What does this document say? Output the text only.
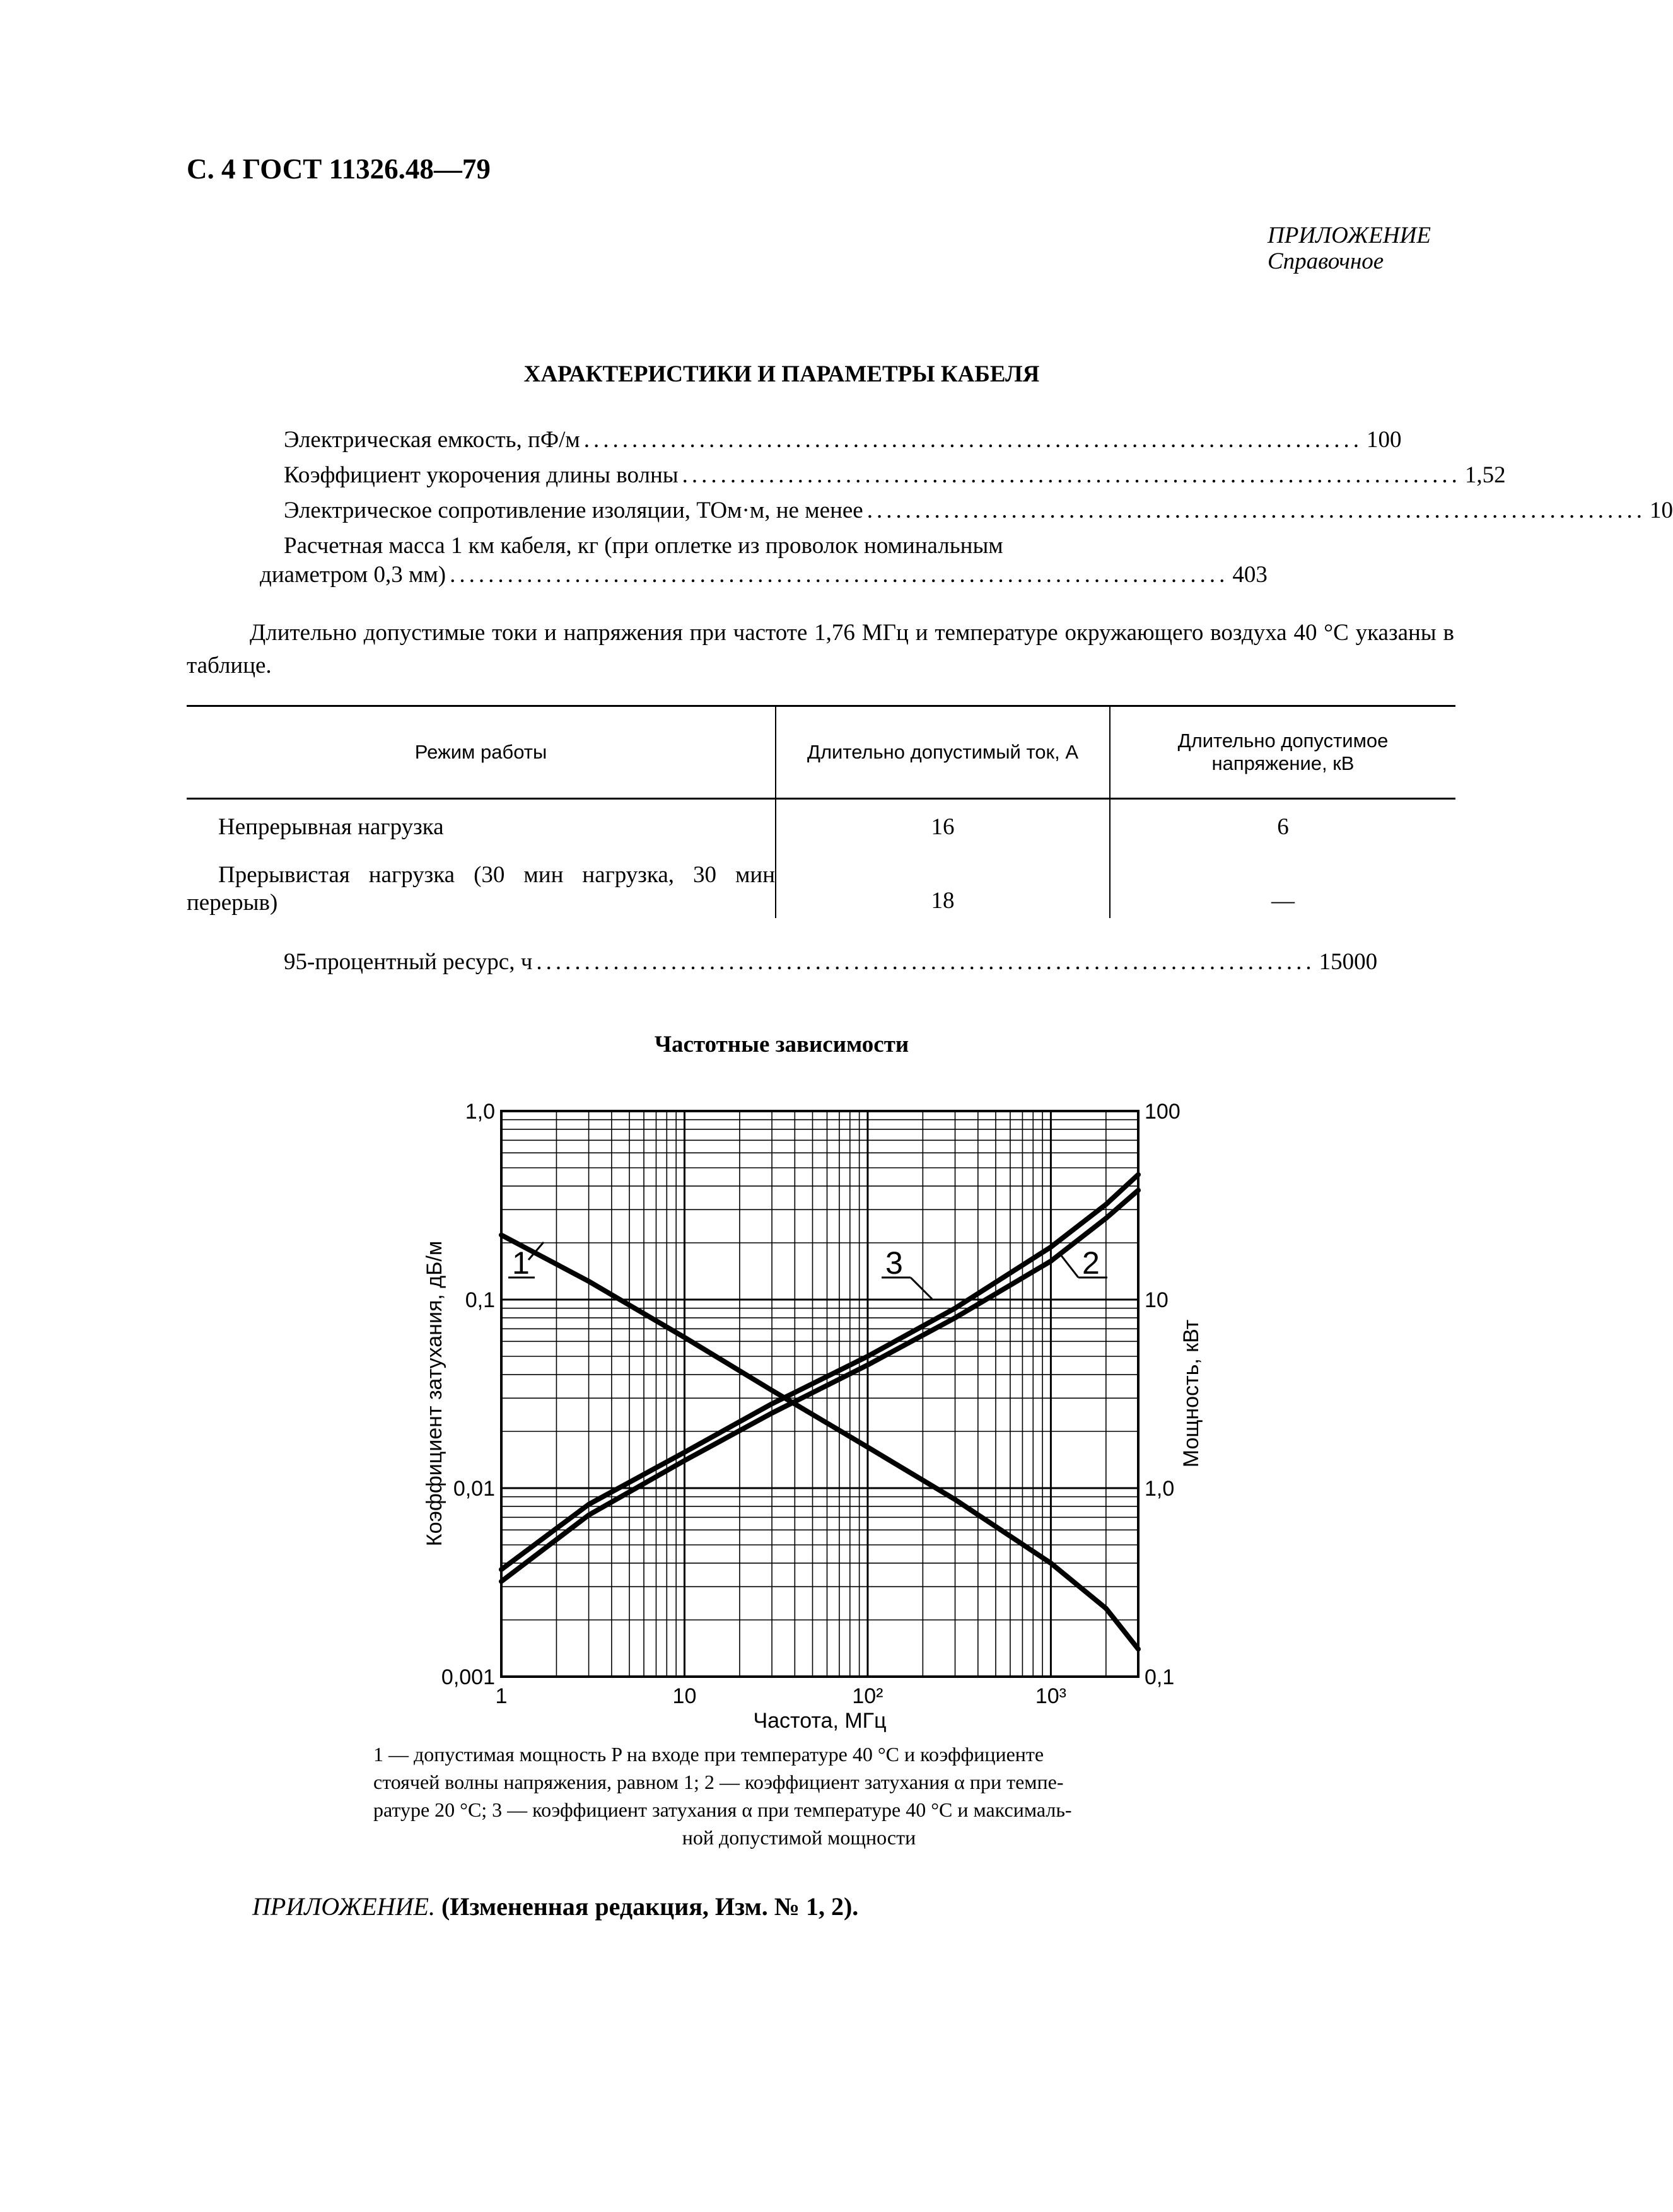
С. 4 ГОСТ 11326.48—79
ПРИЛОЖЕНИЕ
Справочное
ХАРАКТЕРИСТИКИ И ПАРАМЕТРЫ КАБЕЛЯ
Электрическая емкость, пФ/м ................................................................................. 100
Коэффициент укорочения длины волны ................................................................................. 1,52
Электрическое сопротивление изоляции, ТОм·м, не менее ................................................................................. 10
Расчетная масса 1 км кабеля, кг (при оплетке из проволок номинальным
диаметром 0,3 мм) ................................................................................. 403
Длительно допустимые токи и напряжения при частоте 1,76 МГц и температуре окружающего воздуха 40 °С указаны в таблице.
Режим работы	Длительно допустимый ток, А	Длительно допустимое напряжение, кВ
Непрерывная нагрузка	16	6
Прерывистая нагрузка (30 мин нагрузка, 30 мин перерыв)	18	—
95-процентный ресурс, ч ................................................................................. 15000
Частотные зависимости
1	10	10²	10³
0,001
0,01
0,1
1,0
0,1
1,0
10
100
1	3	2
Частота, МГц
Коэффициент затухания, дБ/м	Мощность, кВт
1 — допустимая мощность P на входе при температуре 40 °С и коэффициенте
стоячей волны напряжения, равном 1; 2 — коэффициент затухания α при темпе-
ратуре 20 °С; 3 — коэффициент затухания α при температуре 40 °С и максималь-
ной допустимой мощности
ПРИЛОЖЕНИЕ. (Измененная редакция, Изм. № 1, 2).
